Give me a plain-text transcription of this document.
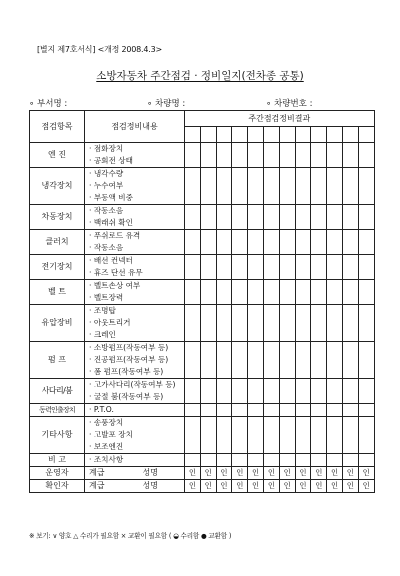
[별지 제7호서식] <개정 2008.4.3>
소방자동차 주간점검 · 정비일지(전차종 공통)
∘ 부서명 :	∘ 차량명 :	∘ 차량번호 :
점검항목	점검정비내용	주간점검정비결과											

엔 진	· 점화장치
· 공회전 상태												

냉각장치	· 냉각수량
· 누수여부
· 부동액 비중												

차동장치	· 작동소음
· 백래쉬 확인												

클러치	· 푸쉬로드 유격
· 작동소음												

전기장치	· 배선 컨넥터
· 휴즈 단선 유무												

벨 트	· 벨트손상 여부
· 벨트장력												

유압장비	· 조명탑
· 아웃트리거
· 크레인												

펌 프	· 소방펌프(작동여부 등)
· 진공펌프(작동여부 등)
· 폼 펌프(작동여부 등)												

사다리/붐	· 고가사다리(작동여부 등)
· 굴절 붐(작동여부 등)												

동력인출장치	· P.T.O.												

기타사항	· 송풍장치
· 고발포 장치
· 보조엔진												

비 고	· 조치사항												

운영자	계급 성명	인	인	인	인	인	인	인	인	인	인	인	인
확인자	계급 성명	인	인	인	인	인	인	인	인	인	인	인	인
※ 보기: ∨ 양호 △ 수리가 필요함 × 교환이 필요함 ( ◒ 수리함 ● 교환함 )
